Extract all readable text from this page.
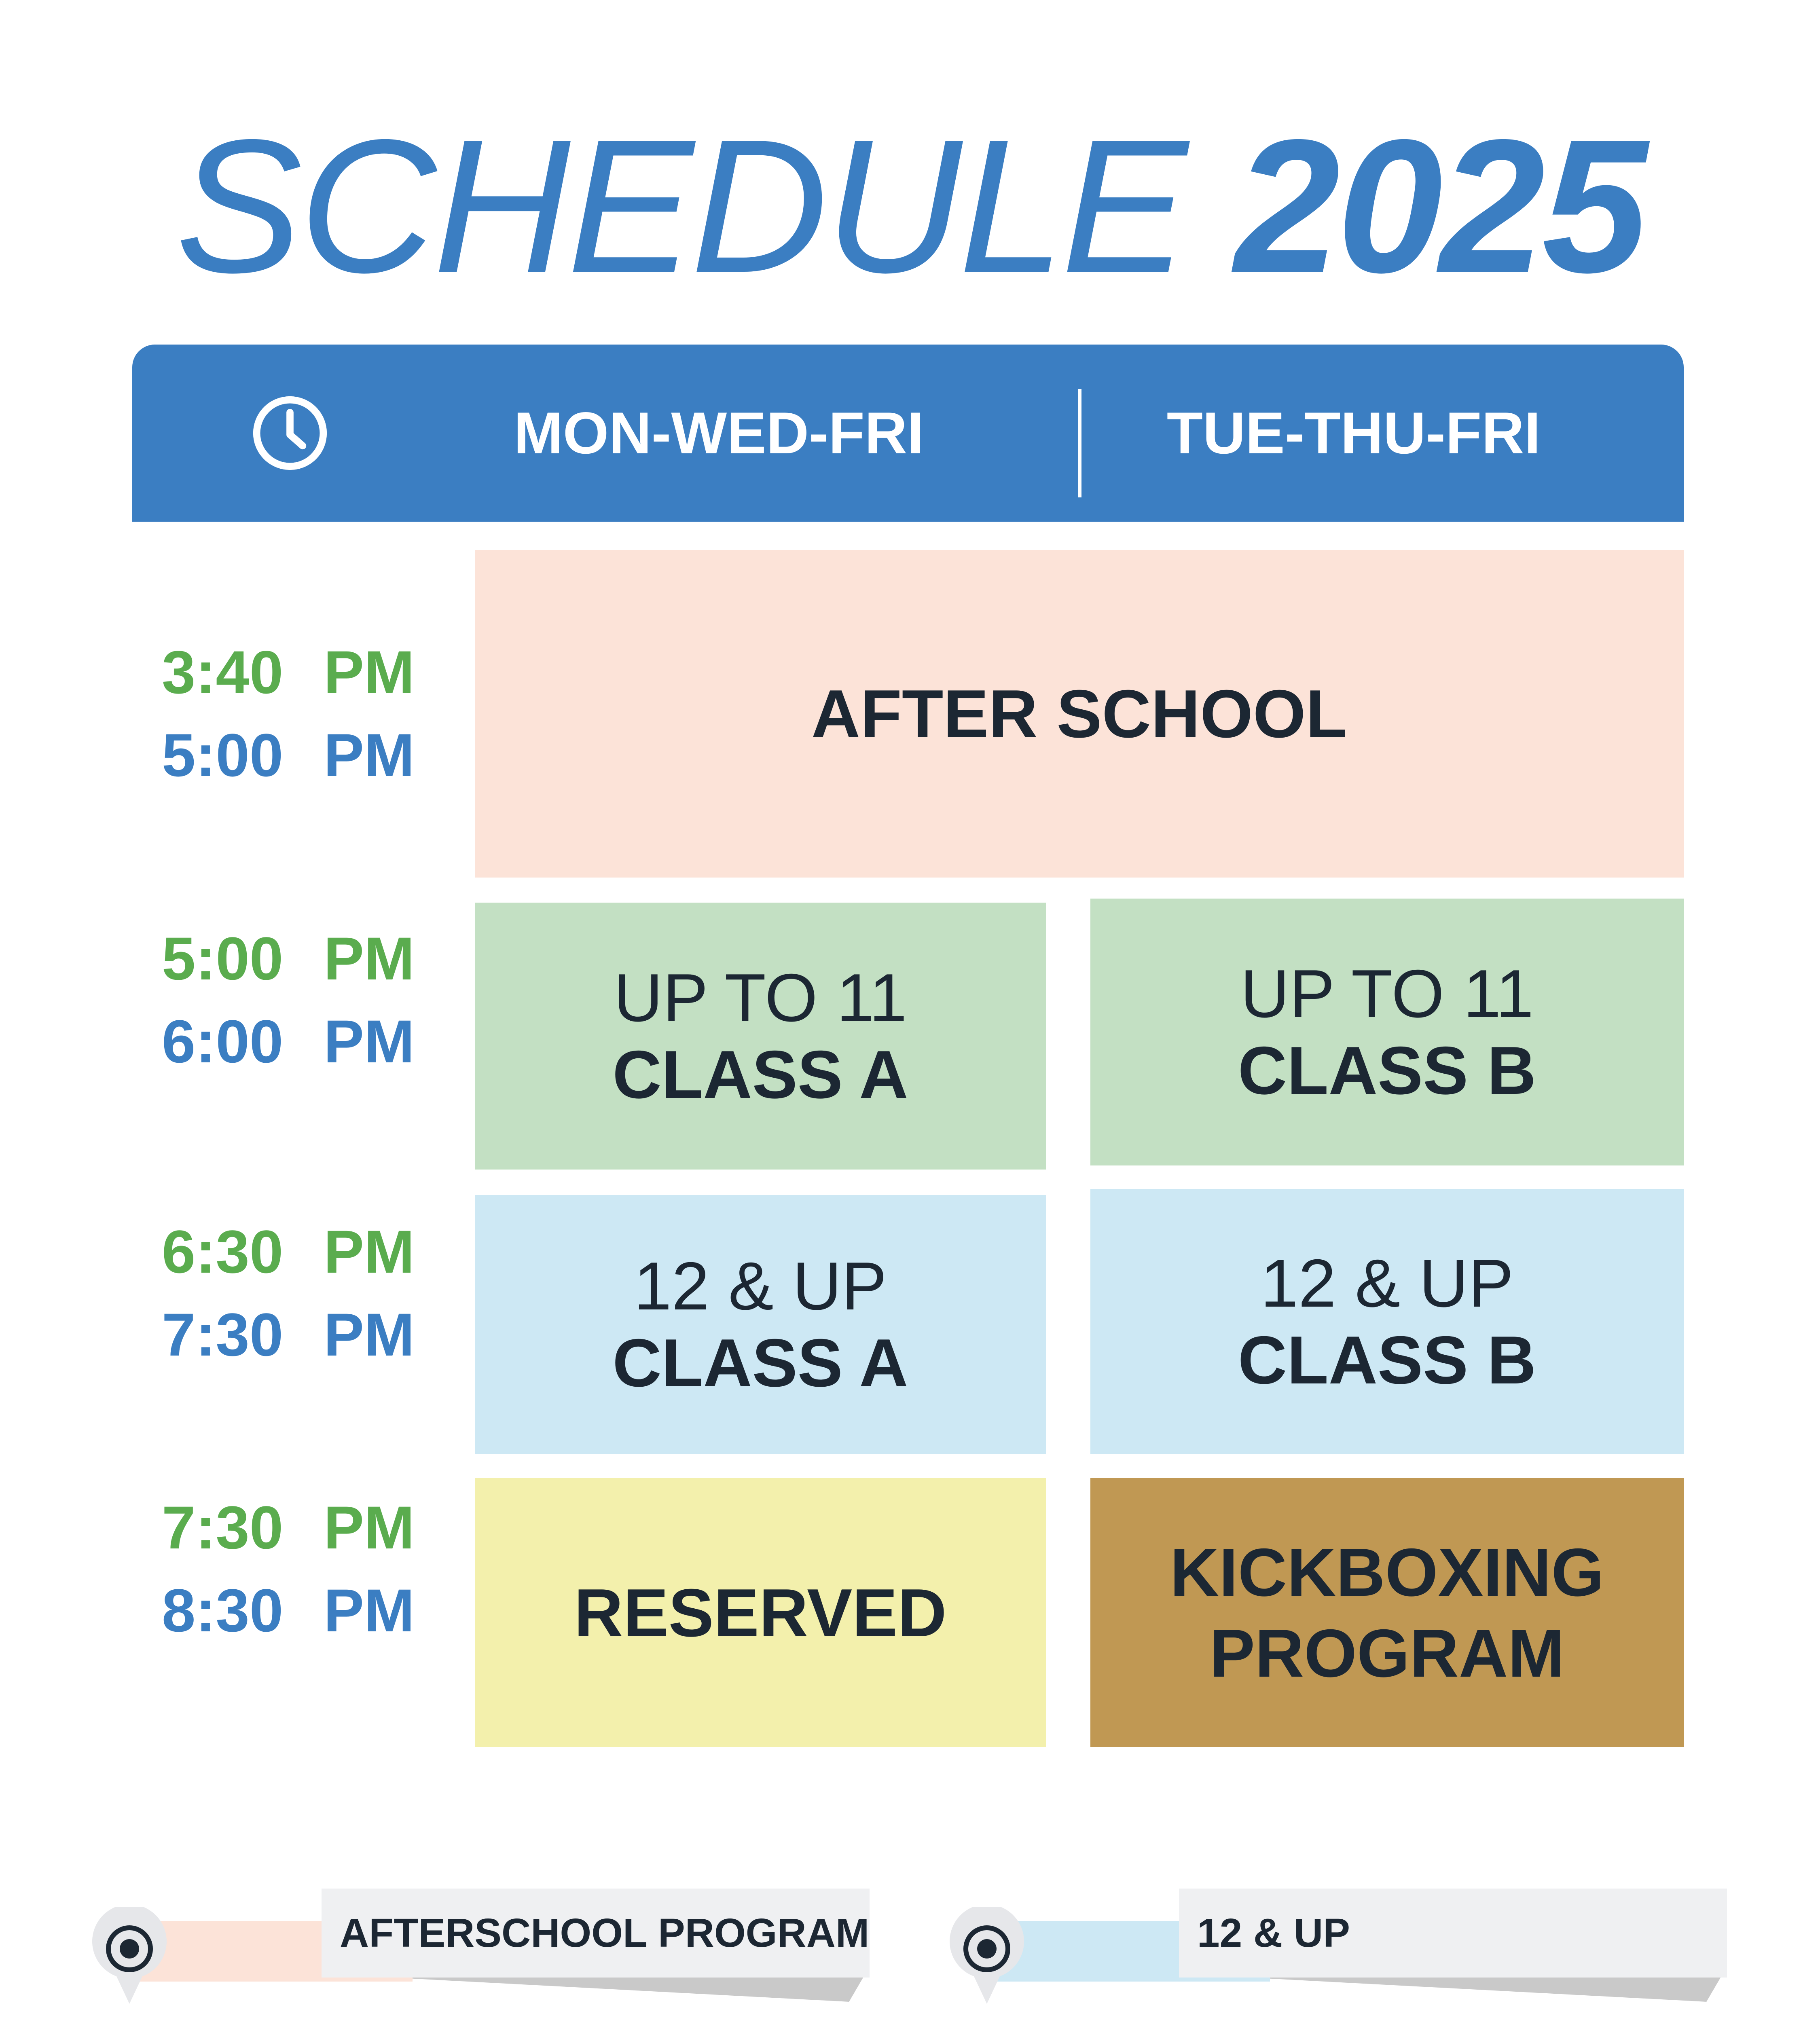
SCHEDULE 2025
MON-WED-FRI	TUE-THU-FRI
3:40 PM
5:00 PM
5:00 PM
6:00 PM
6:30 PM
7:30 PM
7:30 PM
8:30 PM
AFTER SCHOOL
UP TO 11
CLASS A
UP TO 11
CLASS B
12 & UP
CLASS A
12 & UP
CLASS B
RESERVED
KICKBOXING
PROGRAM
AFTERSCHOOL PROGRAM	12 & UP
